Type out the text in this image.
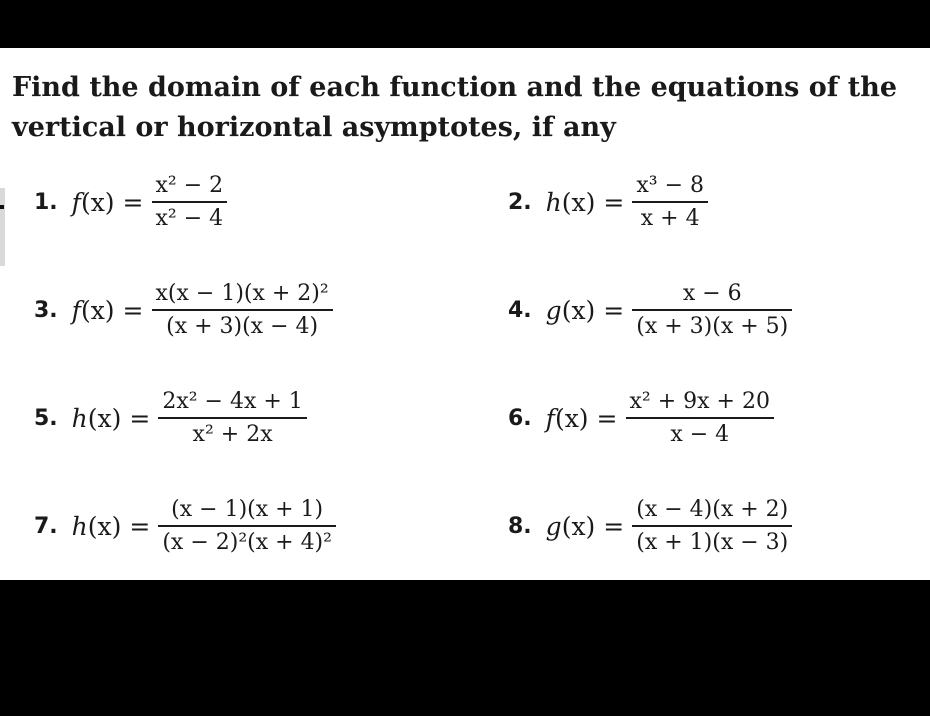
Find the domain of each function and the equations of the vertical or horizontal asymptotes, if any
1. $f(x) = \frac{\text{x² − 2}}{\text{x² − 4}}$	2. $h(x) = \frac{\text{x³ − 8}}{x + 4}$
3. $f(x) = \frac{\text{x(x − 1)(x + 2)²}}{(x + 3)(x - 4)}$	4. $g(x) = \frac{x - 6}{(x + 3)(x + 5)}$
5. $h(x) = \frac{\text{2x² − 4x + 1}}{\text{x² + 2x}}$	6. $f(x) = \frac{\text{x² + 9x + 20}}{x - 4}$
7. $h(x) = \frac{(x - 1)(x + 1)}{\text{(x − 2)²(x + 4)²}}$	8. $g(x) = \frac{(x - 4)(x + 2)}{(x + 1)(x - 3)}$
